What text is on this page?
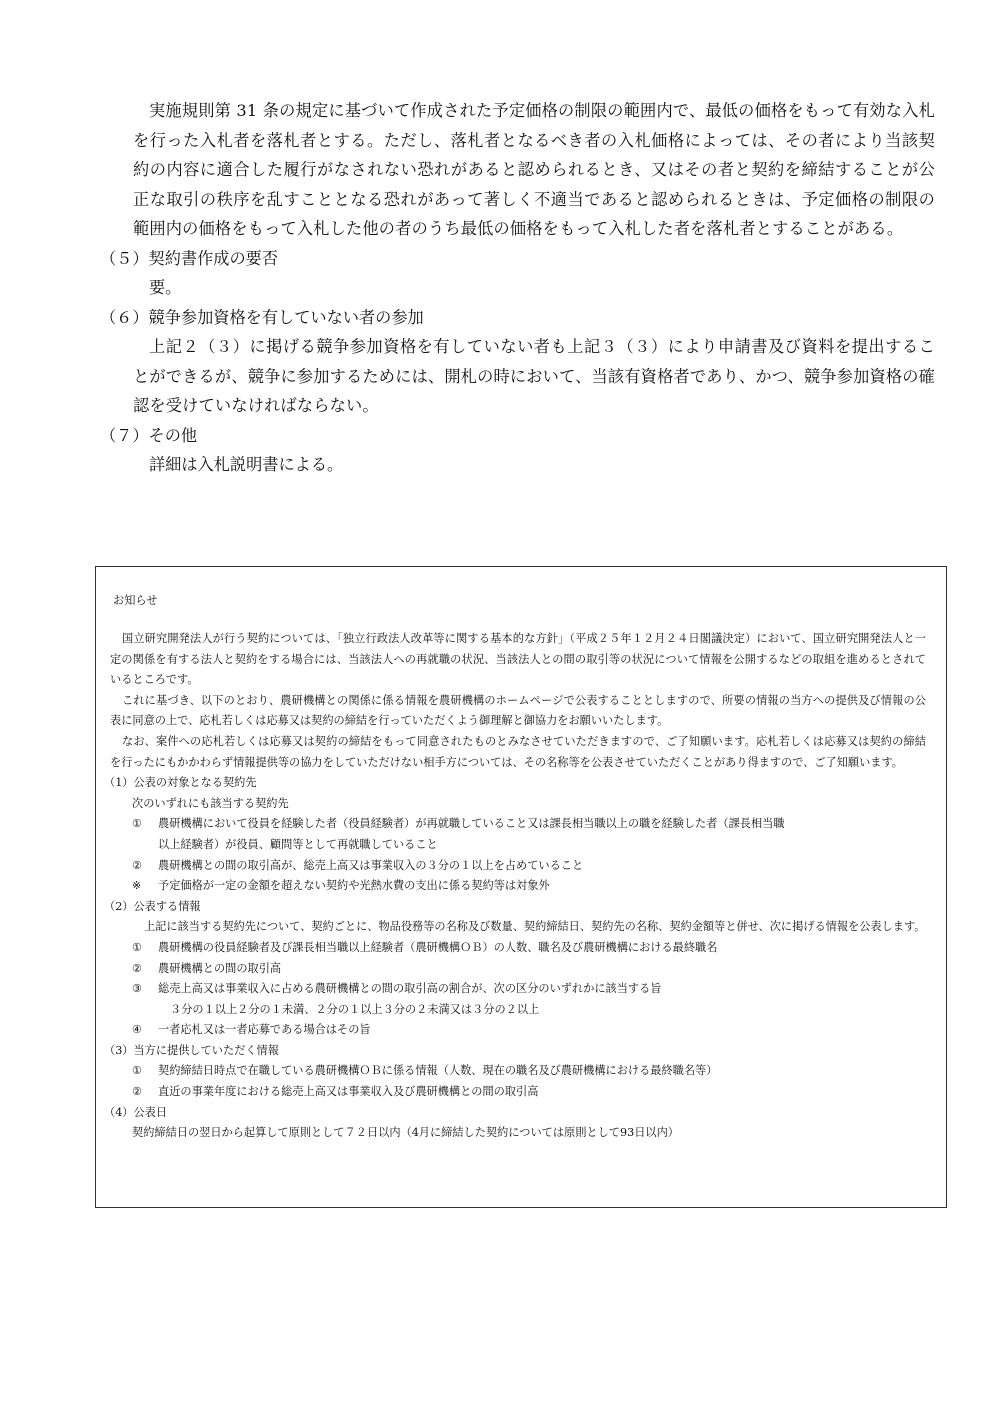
実施規則第 31 条の規定に基づいて作成された予定価格の制限の範囲内で、最低の価格をもって有効な入札を行った入札者を落札者とする。ただし、落札者となるべき者の入札価格によっては、その者により当該契約の内容に適合した履行がなされない恐れがあると認められるとき、又はその者と契約を締結することが公正な取引の秩序を乱すこととなる恐れがあって著しく不適当であると認められるときは、予定価格の制限の範囲内の価格をもって入札した他の者のうち最低の価格をもって入札した者を落札者とすることがある。

（５）契約書作成の要否

要。

（６）競争参加資格を有していない者の参加

上記２（３）に掲げる競争参加資格を有していない者も上記３（３）により申請書及び資料を提出することができるが、競争に参加するためには、開札の時において、当該有資格者であり、かつ、競争参加資格の確認を受けていなければならない。

（７）その他

詳細は入札説明書による。

お知らせ

国立研究開発法人が行う契約については、「独立行政法人改革等に関する基本的な方針」（平成２５年１２月２４日閣議決定）において、国立研究開発法人と一定の関係を有する法人と契約をする場合には、当該法人への再就職の状況、当該法人との間の取引等の状況について情報を公開するなどの取組を進めるとされているところです。

これに基づき、以下のとおり、農研機構との関係に係る情報を農研機構のホームページで公表することとしますので、所要の情報の当方への提供及び情報の公表に同意の上で、応札若しくは応募又は契約の締結を行っていただくよう御理解と御協力をお願いいたします。

なお、案件への応札若しくは応募又は契約の締結をもって同意されたものとみなさせていただきますので、ご了知願います。応札若しくは応募又は契約の締結を行ったにもかかわらず情報提供等の協力をしていただけない相手方については、その名称等を公表させていただくことがあり得ますので、ご了知願います。

（1）公表の対象となる契約先

次のいずれにも該当する契約先

① 農研機構において役員を経験した者（役員経験者）が再就職していること又は課長相当職以上の職を経験した者（課長相当職

以上経験者）が役員、顧問等として再就職していること

② 農研機構との間の取引高が、総売上高又は事業収入の３分の１以上を占めていること

※ 予定価格が一定の金額を超えない契約や光熱水費の支出に係る契約等は対象外

（2）公表する情報

上記に該当する契約先について、契約ごとに、物品役務等の名称及び数量、契約締結日、契約先の名称、契約金額等と併せ、次に掲げる情報を公表します。

① 農研機構の役員経験者及び課長相当職以上経験者（農研機構ＯＢ）の人数、職名及び農研機構における最終職名

② 農研機構との間の取引高

③ 総売上高又は事業収入に占める農研機構との間の取引高の割合が、次の区分のいずれかに該当する旨

３分の１以上２分の１未満、２分の１以上３分の２未満又は３分の２以上

④ 一者応札又は一者応募である場合はその旨

（3）当方に提供していただく情報

① 契約締結日時点で在職している農研機構ＯＢに係る情報（人数、現在の職名及び農研機構における最終職名等）

② 直近の事業年度における総売上高又は事業収入及び農研機構との間の取引高

（4）公表日

契約締結日の翌日から起算して原則として７２日以内（4月に締結した契約については原則として93日以内）
